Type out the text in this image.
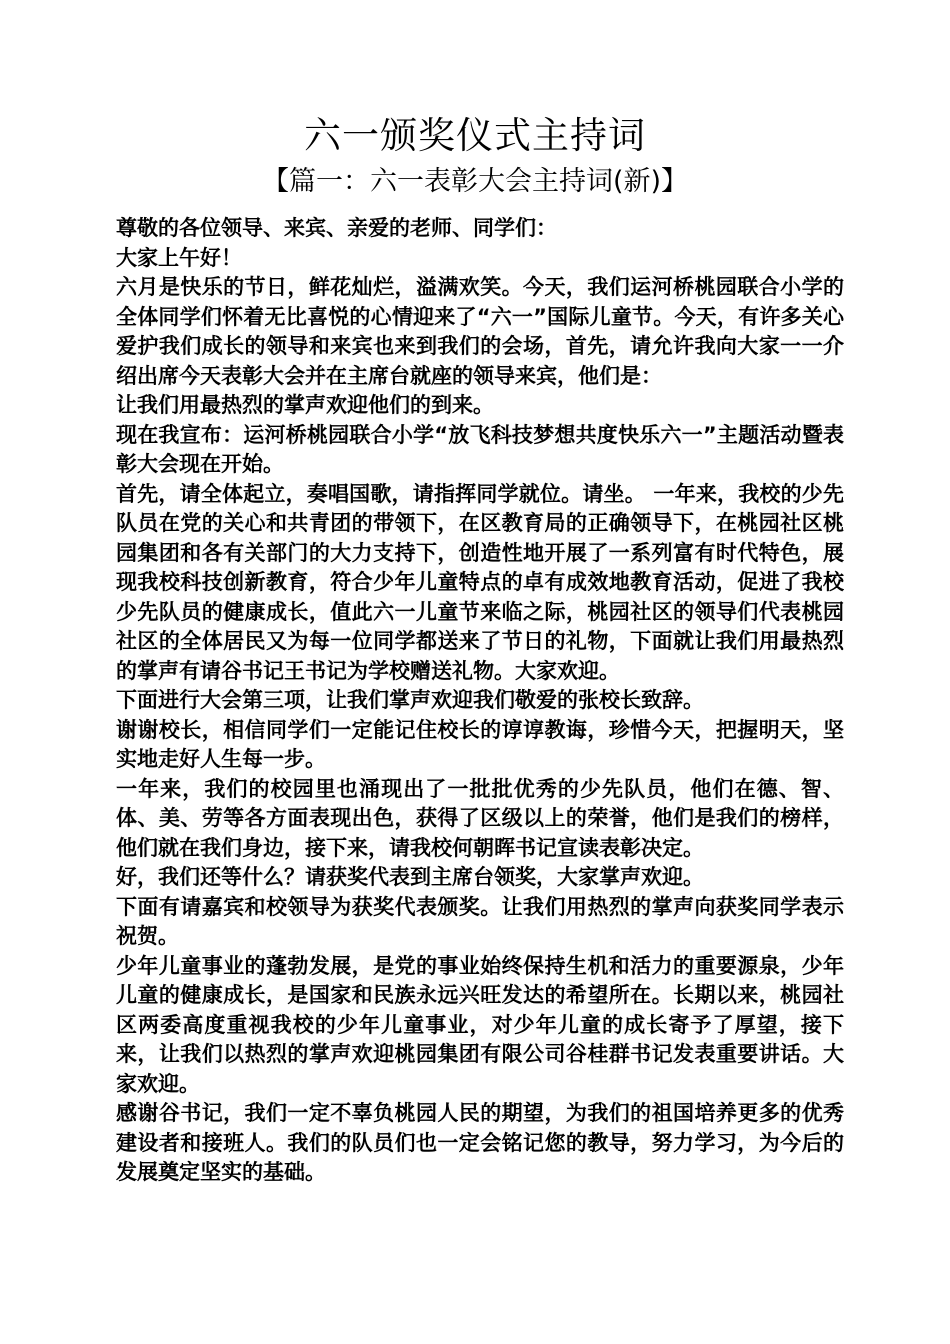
六一颁奖仪式主持词
【篇一：六一表彰大会主持词(新)】

尊敬的各位领导、来宾、亲爱的老师、同学们：

大家上午好！

六月是快乐的节日，鲜花灿烂，溢满欢笑。今天，我们运河桥桃园联合小学的全体同学们怀着无比喜悦的心情迎来了“六一”国际儿童节。今天，有许多关心爱护我们成长的领导和来宾也来到我们的会场，首先，请允许我向大家一一介绍出席今天表彰大会并在主席台就座的领导来宾，他们是：

让我们用最热烈的掌声欢迎他们的到来。

现在我宣布：运河桥桃园联合小学“放飞科技梦想共度快乐六一”主题活动暨表彰大会现在开始。

首先，请全体起立，奏唱国歌，请指挥同学就位。请坐。 一年来，我校的少先队员在党的关心和共青团的带领下，在区教育局的正确领导下，在桃园社区桃园集团和各有关部门的大力支持下，创造性地开展了一系列富有时代特色，展现我校科技创新教育，符合少年儿童特点的卓有成效地教育活动，促进了我校少先队员的健康成长，值此六一儿童节来临之际，桃园社区的领导们代表桃园社区的全体居民又为每一位同学都送来了节日的礼物，下面就让我们用最热烈的掌声有请谷书记王书记为学校赠送礼物。大家欢迎。

下面进行大会第三项，让我们掌声欢迎我们敬爱的张校长致辞。

谢谢校长，相信同学们一定能记住校长的谆谆教诲，珍惜今天，把握明天，坚实地走好人生每一步。

一年来，我们的校园里也涌现出了一批批优秀的少先队员，他们在德、智、体、美、劳等各方面表现出色，获得了区级以上的荣誉，他们是我们的榜样，他们就在我们身边，接下来，请我校何朝晖书记宣读表彰决定。

好，我们还等什么？请获奖代表到主席台领奖，大家掌声欢迎。

下面有请嘉宾和校领导为获奖代表颁奖。让我们用热烈的掌声向获奖同学表示祝贺。

少年儿童事业的蓬勃发展，是党的事业始终保持生机和活力的重要源泉，少年儿童的健康成长，是国家和民族永远兴旺发达的希望所在。长期以来，桃园社区两委高度重视我校的少年儿童事业，对少年儿童的成长寄予了厚望，接下来，让我们以热烈的掌声欢迎桃园集团有限公司谷桂群书记发表重要讲话。大家欢迎。

感谢谷书记，我们一定不辜负桃园人民的期望，为我们的祖国培养更多的优秀建设者和接班人。我们的队员们也一定会铭记您的教导，努力学习，为今后的发展奠定坚实的基础。
